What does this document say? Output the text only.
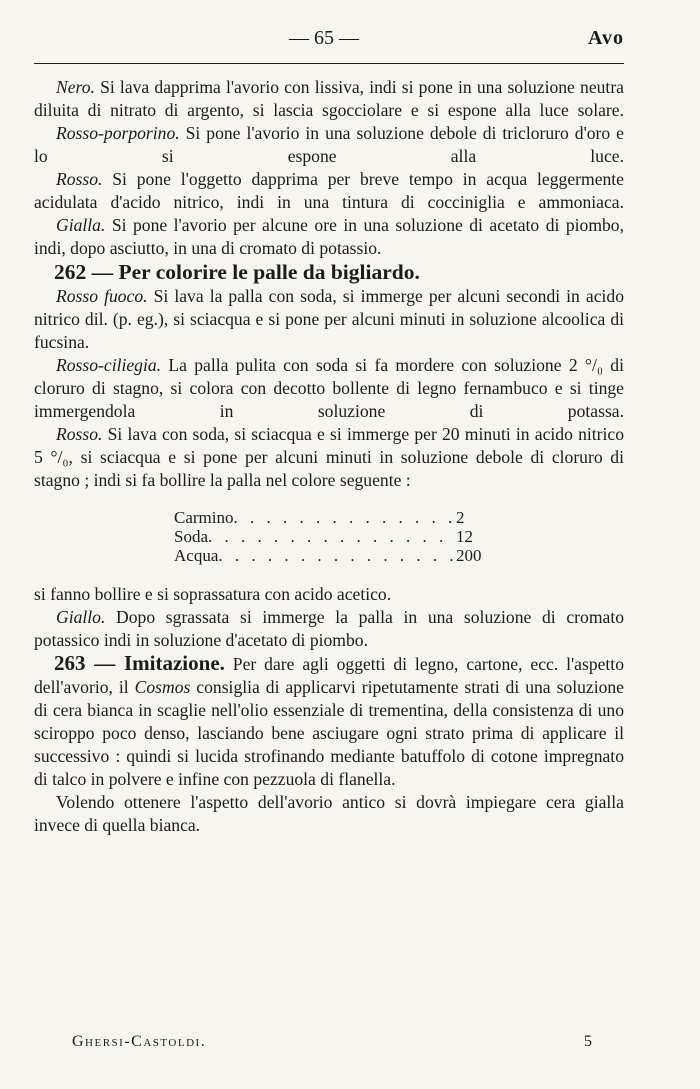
— 65 —	Avo

Nero. Si lava dapprima l'avorio con lissiva, indi si pone in una soluzione neutra diluita di nitrato di argento, si lascia sgocciolare e si espone alla luce solare.

Rosso-porporino. Si pone l'avorio in una soluzione debole di tricloruro d'oro e lo si espone alla luce.

Rosso. Si pone l'oggetto dapprima per breve tempo in acqua leggermente acidulata d'acido nitrico, indi in una tintura di cocciniglia e ammoniaca.

Gialla. Si pone l'avorio per alcune ore in una soluzione di acetato di piombo, indi, dopo asciutto, in una di cromato di potassio.

262 — Per colorire le palle da bigliardo.

Rosso fuoco. Si lava la palla con soda, si immerge per alcuni secondi in acido nitrico dil. (p. eg.), si sciacqua e si pone per alcuni minuti in soluzione alcoolica di fucsina.

Rosso-ciliegia. La palla pulita con soda si fa mordere con soluzione 2 °/₀ di cloruro di stagno, si colora con decotto bollente di legno fernambuco e si tinge immergendola in soluzione di potassa.

Rosso. Si lava con soda, si sciacqua e si immerge per 20 minuti in acido nitrico 5 °/₀, si sciacqua e si pone per alcuni minuti in soluzione debole di cloruro di stagno ; indi si fa bollire la palla nel colore seguente :

Carmino . . .	2
Soda . . .	12
Acqua . . .	200

si fanno bollire e si soprassatura con acido acetico.

Giallo. Dopo sgrassata si immerge la palla in una soluzione di cromato potassico indi in soluzione d'acetato di piombo.

263 — Imitazione. Per dare agli oggetti di legno, cartone, ecc. l'aspetto dell'avorio, il Cosmos consiglia di applicarvi ripetutamente strati di una soluzione di cera bianca in scaglie nell'olio essenziale di trementina, della consistenza di uno sciroppo poco denso, lasciando bene asciugare ogni strato prima di applicare il successivo : quindi si lucida strofinando mediante batuffolo di cotone impregnato di talco in polvere e infine con pezzuola di flanella.

Volendo ottenere l'aspetto dell'avorio antico si dovrà impiegare cera gialla invece di quella bianca.

Ghersi-Castoldi.	5
